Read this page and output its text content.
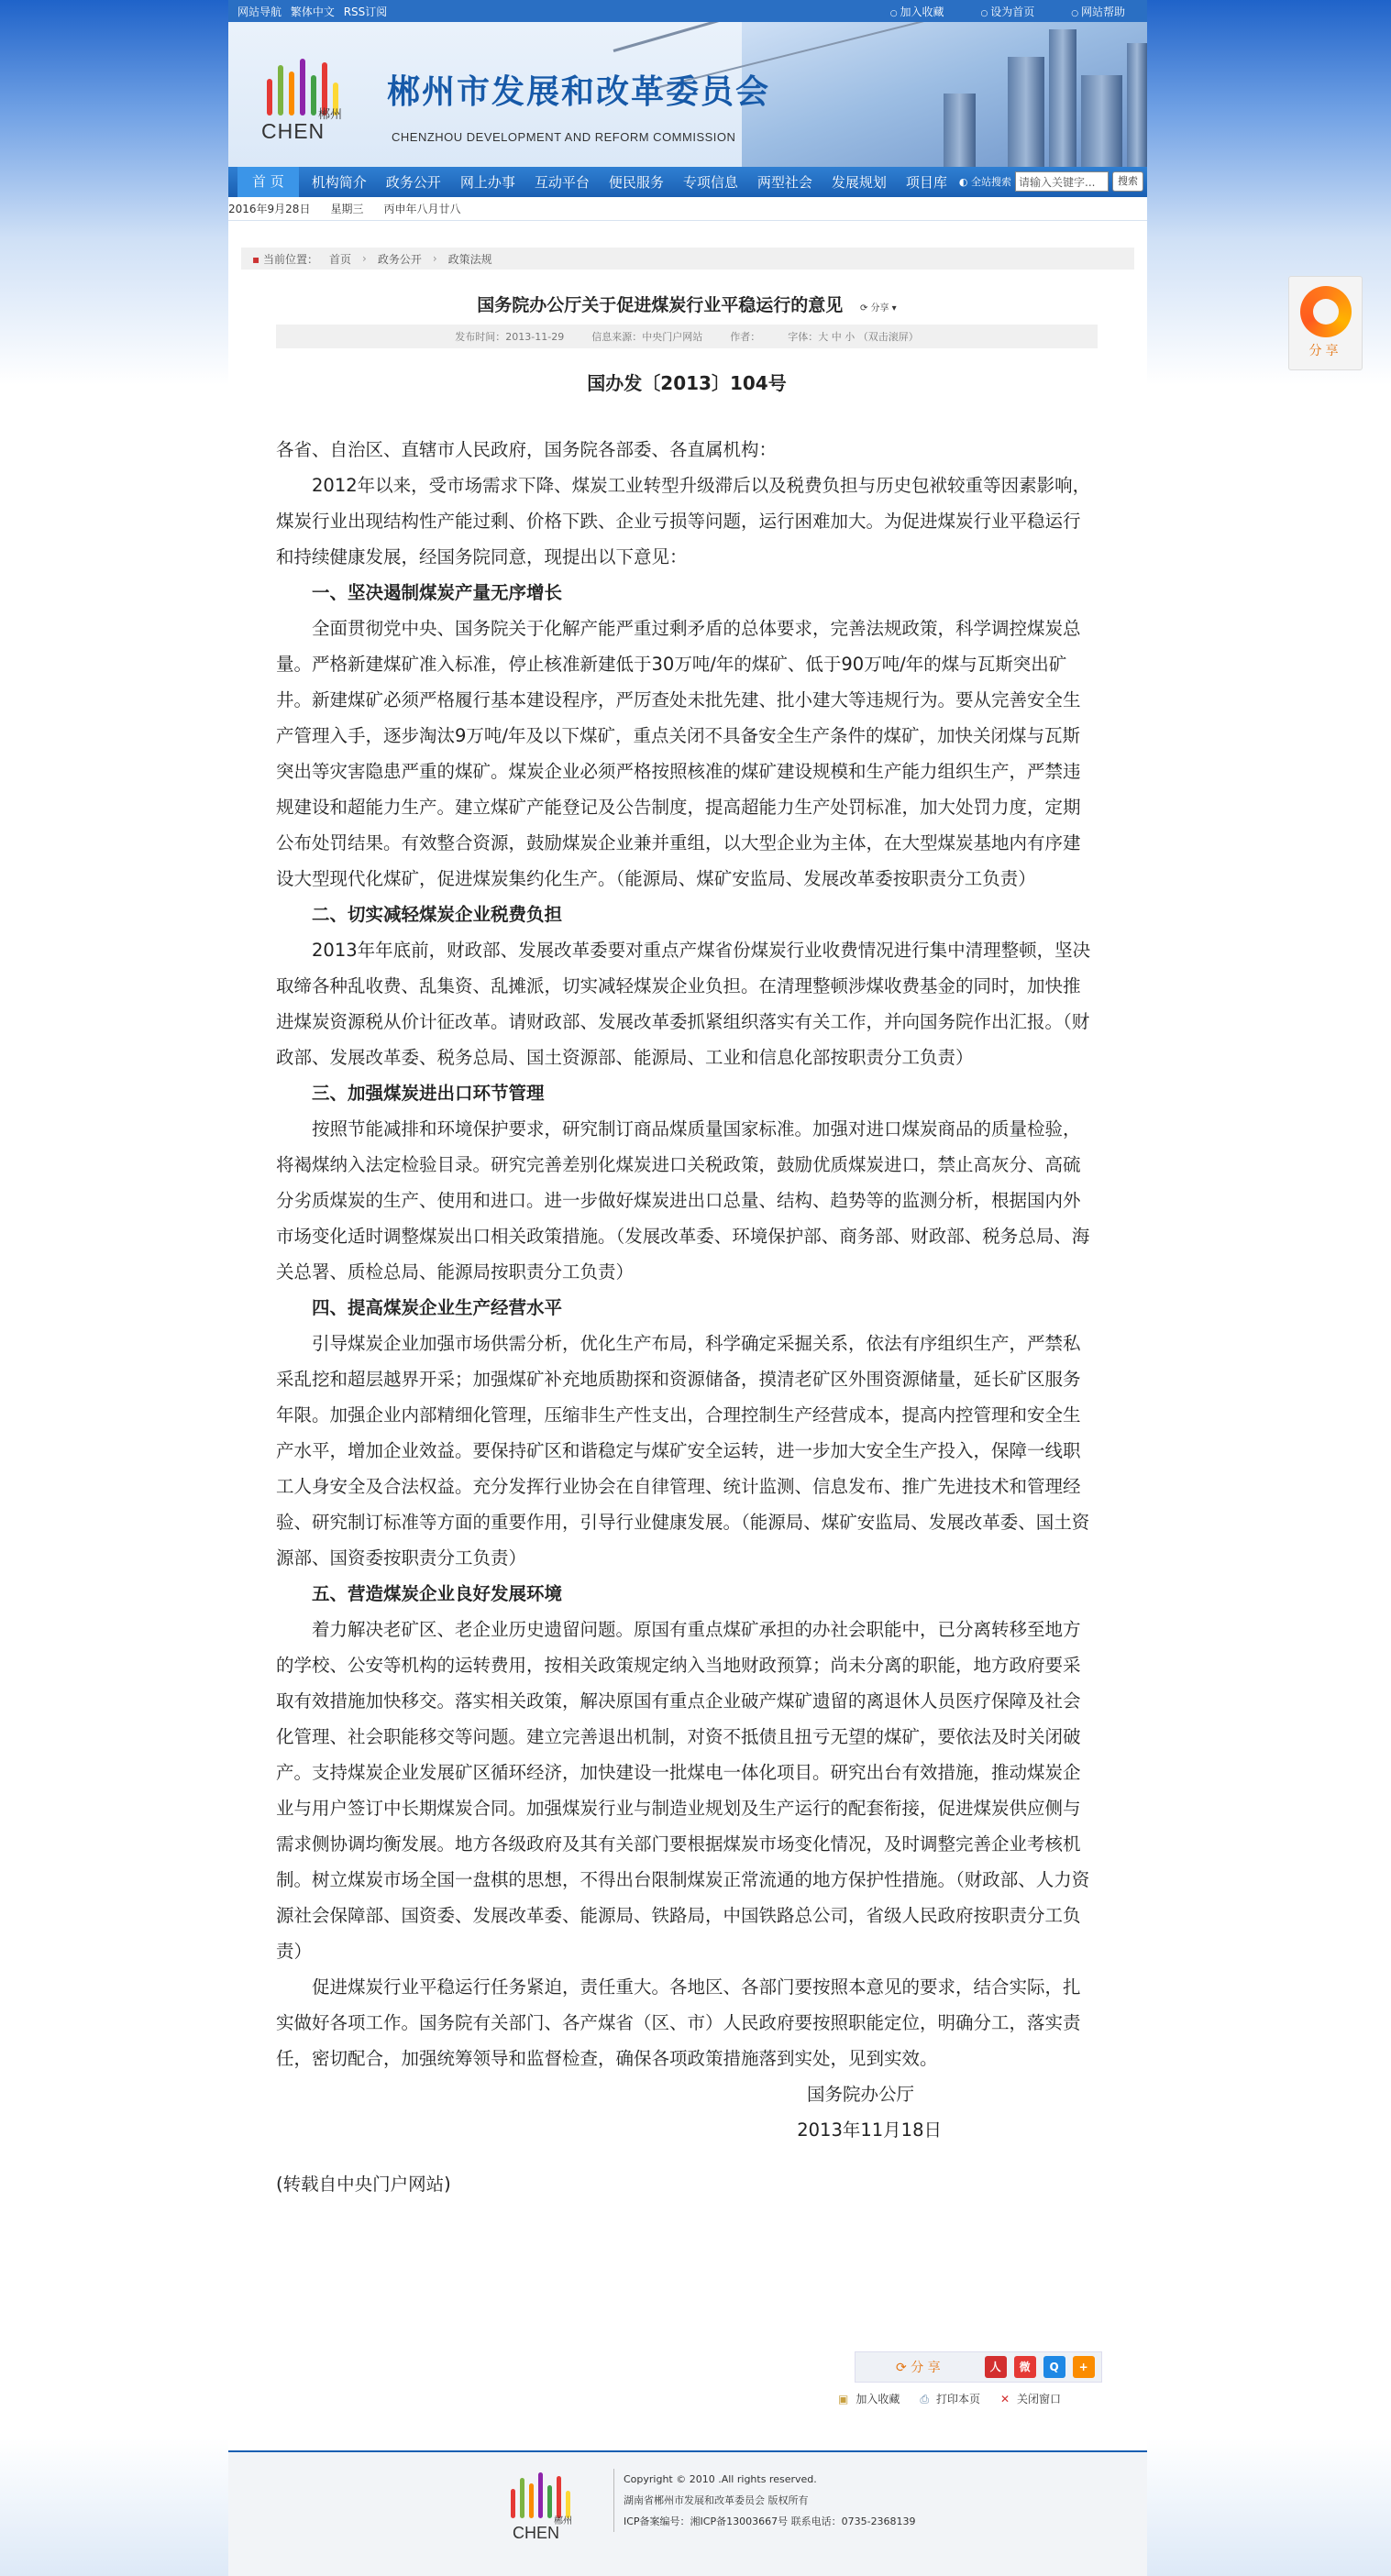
网站导航 繁体中文 RSS订阅	○ 加入收藏	○ 设为首页	○ 网站帮助
郴州
CHEN
郴州市发展和改革委员会
CHENZHOU DEVELOPMENT AND REFORM COMMISSION
首 页	机构简介 政务公开 网上办事 互动平台 便民服务 专项信息 两型社会 发展规划 项目库 ◐ 全站搜索 请输入关键字...	搜索
2016年9月28日 星期三 丙申年八月廿八
▪ 当前位置： 首页 › 政务公开 › 政策法规
国务院办公厅关于促进煤炭行业平稳运行的意见 ⟳ 分享 ▾
发布时间：2013-11-29	信息来源：中央门户网站	作者：	字体：大 中 小 （双击滚屏）
国办发〔2013〕104号

各省、自治区、直辖市人民政府，国务院各部委、各直属机构：

2012年以来，受市场需求下降、煤炭工业转型升级滞后以及税费负担与历史包袱较重等因素影响，煤炭行业出现结构性产能过剩、价格下跌、企业亏损等问题，运行困难加大。为促进煤炭行业平稳运行和持续健康发展，经国务院同意，现提出以下意见：

一、坚决遏制煤炭产量无序增长

全面贯彻党中央、国务院关于化解产能严重过剩矛盾的总体要求，完善法规政策，科学调控煤炭总量。严格新建煤矿准入标准，停止核准新建低于30万吨/年的煤矿、低于90万吨/年的煤与瓦斯突出矿井。新建煤矿必须严格履行基本建设程序，严厉查处未批先建、批小建大等违规行为。要从完善安全生产管理入手，逐步淘汰9万吨/年及以下煤矿，重点关闭不具备安全生产条件的煤矿，加快关闭煤与瓦斯突出等灾害隐患严重的煤矿。煤炭企业必须严格按照核准的煤矿建设规模和生产能力组织生产，严禁违规建设和超能力生产。建立煤矿产能登记及公告制度，提高超能力生产处罚标准，加大处罚力度，定期公布处罚结果。有效整合资源，鼓励煤炭企业兼并重组，以大型企业为主体，在大型煤炭基地内有序建设大型现代化煤矿，促进煤炭集约化生产。（能源局、煤矿安监局、发展改革委按职责分工负责）

二、切实减轻煤炭企业税费负担

2013年年底前，财政部、发展改革委要对重点产煤省份煤炭行业收费情况进行集中清理整顿，坚决取缔各种乱收费、乱集资、乱摊派，切实减轻煤炭企业负担。在清理整顿涉煤收费基金的同时，加快推进煤炭资源税从价计征改革。请财政部、发展改革委抓紧组织落实有关工作，并向国务院作出汇报。（财政部、发展改革委、税务总局、国土资源部、能源局、工业和信息化部按职责分工负责）

三、加强煤炭进出口环节管理

按照节能减排和环境保护要求，研究制订商品煤质量国家标准。加强对进口煤炭商品的质量检验，将褐煤纳入法定检验目录。研究完善差别化煤炭进口关税政策，鼓励优质煤炭进口，禁止高灰分、高硫分劣质煤炭的生产、使用和进口。进一步做好煤炭进出口总量、结构、趋势等的监测分析，根据国内外市场变化适时调整煤炭出口相关政策措施。（发展改革委、环境保护部、商务部、财政部、税务总局、海关总署、质检总局、能源局按职责分工负责）

四、提高煤炭企业生产经营水平

引导煤炭企业加强市场供需分析，优化生产布局，科学确定采掘关系，依法有序组织生产，严禁私采乱挖和超层越界开采；加强煤矿补充地质勘探和资源储备，摸清老矿区外围资源储量，延长矿区服务年限。加强企业内部精细化管理，压缩非生产性支出，合理控制生产经营成本，提高内控管理和安全生产水平，增加企业效益。要保持矿区和谐稳定与煤矿安全运转，进一步加大安全生产投入，保障一线职工人身安全及合法权益。充分发挥行业协会在自律管理、统计监测、信息发布、推广先进技术和管理经验、研究制订标准等方面的重要作用，引导行业健康发展。（能源局、煤矿安监局、发展改革委、国土资源部、国资委按职责分工负责）

五、营造煤炭企业良好发展环境

着力解决老矿区、老企业历史遗留问题。原国有重点煤矿承担的办社会职能中，已分离转移至地方的学校、公安等机构的运转费用，按相关政策规定纳入当地财政预算；尚未分离的职能，地方政府要采取有效措施加快移交。落实相关政策，解决原国有重点企业破产煤矿遗留的离退休人员医疗保障及社会化管理、社会职能移交等问题。建立完善退出机制，对资不抵债且扭亏无望的煤矿，要依法及时关闭破产。支持煤炭企业发展矿区循环经济，加快建设一批煤电一体化项目。研究出台有效措施，推动煤炭企业与用户签订中长期煤炭合同。加强煤炭行业与制造业规划及生产运行的配套衔接，促进煤炭供应侧与需求侧协调均衡发展。地方各级政府及其有关部门要根据煤炭市场变化情况，及时调整完善企业考核机制。树立煤炭市场全国一盘棋的思想，不得出台限制煤炭正常流通的地方保护性措施。（财政部、人力资源社会保障部、国资委、发展改革委、能源局、铁路局，中国铁路总公司，省级人民政府按职责分工负责）

促进煤炭行业平稳运行任务紧迫，责任重大。各地区、各部门要按照本意见的要求，结合实际，扎实做好各项工作。国务院有关部门、各产煤省（区、市）人民政府要按照职能定位，明确分工，落实责任，密切配合，加强统筹领导和监督检查，确保各项政策措施落到实处，见到实效。

国务院办公厅

2013年11月18日

(转载自中央门户网站)

⟳ 分 享	人	微	Q	+
▣ 加入收藏 ⎙ 打印本页 ✕ 关闭窗口
郴州
CHEN
Copyright © 2010 .All rights reserved.
湖南省郴州市发展和改革委员会 版权所有
ICP备案编号：湘ICP备13003667号 联系电话：0735-2368139
分享
